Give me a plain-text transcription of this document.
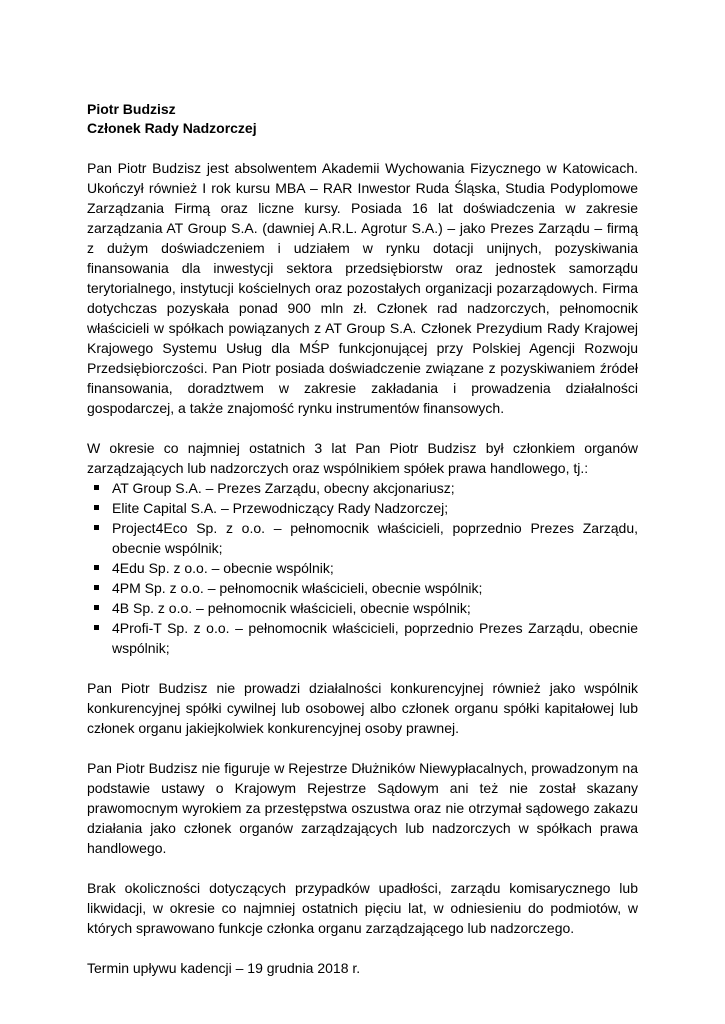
Piotr Budzisz

Członek Rady Nadzorczej

Pan Piotr Budzisz jest absolwentem Akademii Wychowania Fizycznego w Katowicach. Ukończył również I rok kursu MBA – RAR Inwestor Ruda Śląska, Studia Podyplomowe Zarządzania Firmą oraz liczne kursy. Posiada 16 lat doświadczenia w zakresie zarządzania AT Group S.A. (dawniej A.R.L. Agrotur S.A.) – jako Prezes Zarządu – firmą z dużym doświadczeniem i udziałem w rynku dotacji unijnych, pozyskiwania finansowania dla inwestycji sektora przedsiębiorstw oraz jednostek samorządu terytorialnego, instytucji kościelnych oraz pozostałych organizacji pozarządowych. Firma dotychczas pozyskała ponad 900 mln zł. Członek rad nadzorczych, pełnomocnik właścicieli w spółkach powiązanych z AT Group S.A. Członek Prezydium Rady Krajowej Krajowego Systemu Usług dla MŚP funkcjonującej przy Polskiej Agencji Rozwoju Przedsiębiorczości. Pan Piotr posiada doświadczenie związane z pozyskiwaniem źródeł finansowania, doradztwem w zakresie zakładania i prowadzenia działalności gospodarczej, a także znajomość rynku instrumentów finansowych.

W okresie co najmniej ostatnich 3 lat Pan Piotr Budzisz był członkiem organów zarządzających lub nadzorczych oraz wspólnikiem spółek prawa handlowego, tj.:

AT Group S.A. – Prezes Zarządu, obecny akcjonariusz;
Elite Capital S.A. – Przewodniczący Rady Nadzorczej;
Project4Eco Sp. z o.o. – pełnomocnik właścicieli, poprzednio Prezes Zarządu, obecnie wspólnik;
4Edu Sp. z o.o. – obecnie wspólnik;
4PM Sp. z o.o. – pełnomocnik właścicieli, obecnie wspólnik;
4B Sp. z o.o. – pełnomocnik właścicieli, obecnie wspólnik;
4Profi-T Sp. z o.o. – pełnomocnik właścicieli, poprzednio Prezes Zarządu, obecnie wspólnik;

Pan Piotr Budzisz nie prowadzi działalności konkurencyjnej również jako wspólnik konkurencyjnej spółki cywilnej lub osobowej albo członek organu spółki kapitałowej lub członek organu jakiejkolwiek konkurencyjnej osoby prawnej.

Pan Piotr Budzisz nie figuruje w Rejestrze Dłużników Niewypłacalnych, prowadzonym na podstawie ustawy o Krajowym Rejestrze Sądowym ani też nie został skazany prawomocnym wyrokiem za przestępstwa oszustwa oraz nie otrzymał sądowego zakazu działania jako członek organów zarządzających lub nadzorczych w spółkach prawa handlowego.

Brak okoliczności dotyczących przypadków upadłości, zarządu komisarycznego lub likwidacji, w okresie co najmniej ostatnich pięciu lat, w odniesieniu do podmiotów, w których sprawowano funkcje członka organu zarządzającego lub nadzorczego.

Termin upływu kadencji – 19 grudnia 2018 r.
